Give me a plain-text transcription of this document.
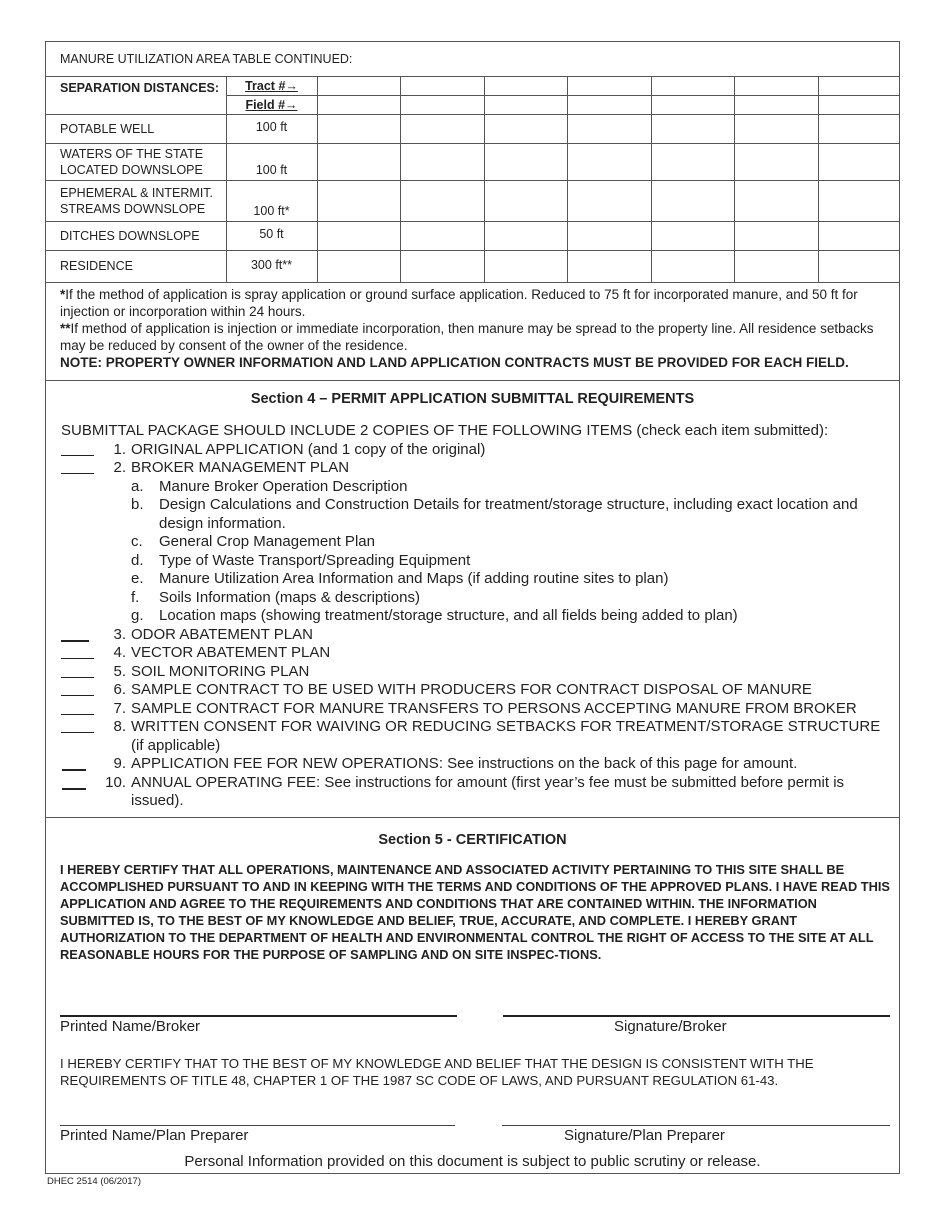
MANURE UTILIZATION AREA TABLE CONTINUED:								
SEPARATION DISTANCES:	Tract #→							
	Field #→							
POTABLE WELL	100 ft							
WATERS OF THE STATE
LOCATED DOWNSLOPE	100 ft							
EPHEMERAL & INTERMIT.
STREAMS DOWNSLOPE	100 ft*							
DITCHES DOWNSLOPE	50 ft							
RESIDENCE	300 ft**							
*If the method of application is spray application or ground surface application. Reduced to 75 ft for incorporated manure, and 50 ft for injection or incorporation within 24 hours.
**If method of application is injection or immediate incorporation, then manure may be spread to the property line. All residence setbacks may be reduced by consent of the owner of the residence.
NOTE: PROPERTY OWNER INFORMATION AND LAND APPLICATION CONTRACTS MUST BE PROVIDED FOR EACH FIELD.
Section 4 – PERMIT APPLICATION SUBMITTAL REQUIREMENTS
SUBMITTAL PACKAGE SHOULD INCLUDE 2 COPIES OF THE FOLLOWING ITEMS (check each item submitted):
1. ORIGINAL APPLICATION (and 1 copy of the original)
2. BROKER MANAGEMENT PLAN
a. Manure Broker Operation Description
b. Design Calculations and Construction Details for treatment/storage structure, including exact location and design information.
c. General Crop Management Plan
d. Type of Waste Transport/Spreading Equipment
e. Manure Utilization Area Information and Maps (if adding routine sites to plan)
f. Soils Information (maps & descriptions)
g. Location maps (showing treatment/storage structure, and all fields being added to plan)
3. ODOR ABATEMENT PLAN
4. VECTOR ABATEMENT PLAN
5. SOIL MONITORING PLAN
6. SAMPLE CONTRACT TO BE USED WITH PRODUCERS FOR CONTRACT DISPOSAL OF MANURE
7. SAMPLE CONTRACT FOR MANURE TRANSFERS TO PERSONS ACCEPTING MANURE FROM BROKER
8. WRITTEN CONSENT FOR WAIVING OR REDUCING SETBACKS FOR TREATMENT/STORAGE STRUCTURE (if applicable)
9. APPLICATION FEE FOR NEW OPERATIONS: See instructions on the back of this page for amount.
10. ANNUAL OPERATING FEE: See instructions for amount (first year’s fee must be submitted before permit is issued).
Section 5 - CERTIFICATION
I HEREBY CERTIFY THAT ALL OPERATIONS, MAINTENANCE AND ASSOCIATED ACTIVITY PERTAINING TO THIS SITE SHALL BE ACCOMPLISHED PURSUANT TO AND IN KEEPING WITH THE TERMS AND CONDITIONS OF THE APPROVED PLANS. I HAVE READ THIS APPLICATION AND AGREE TO THE REQUIREMENTS AND CONDITIONS THAT ARE CONTAINED WITHIN. THE INFORMATION SUBMITTED IS, TO THE BEST OF MY KNOWLEDGE AND BELIEF, TRUE, ACCURATE, AND COMPLETE. I HEREBY GRANT AUTHORIZATION TO THE DEPARTMENT OF HEALTH AND ENVIRONMENTAL CONTROL THE RIGHT OF ACCESS TO THE SITE AT ALL REASONABLE HOURS FOR THE PURPOSE OF SAMPLING AND ON SITE INSPEC-TIONS.
Printed Name/Broker	Signature/Broker
I HEREBY CERTIFY THAT TO THE BEST OF MY KNOWLEDGE AND BELIEF THAT THE DESIGN IS CONSISTENT WITH THE REQUIREMENTS OF TITLE 48, CHAPTER 1 OF THE 1987 SC CODE OF LAWS, AND PURSUANT REGULATION 61-43.
Printed Name/Plan Preparer	Signature/Plan Preparer
Personal Information provided on this document is subject to public scrutiny or release.
DHEC 2514 (06/2017)
